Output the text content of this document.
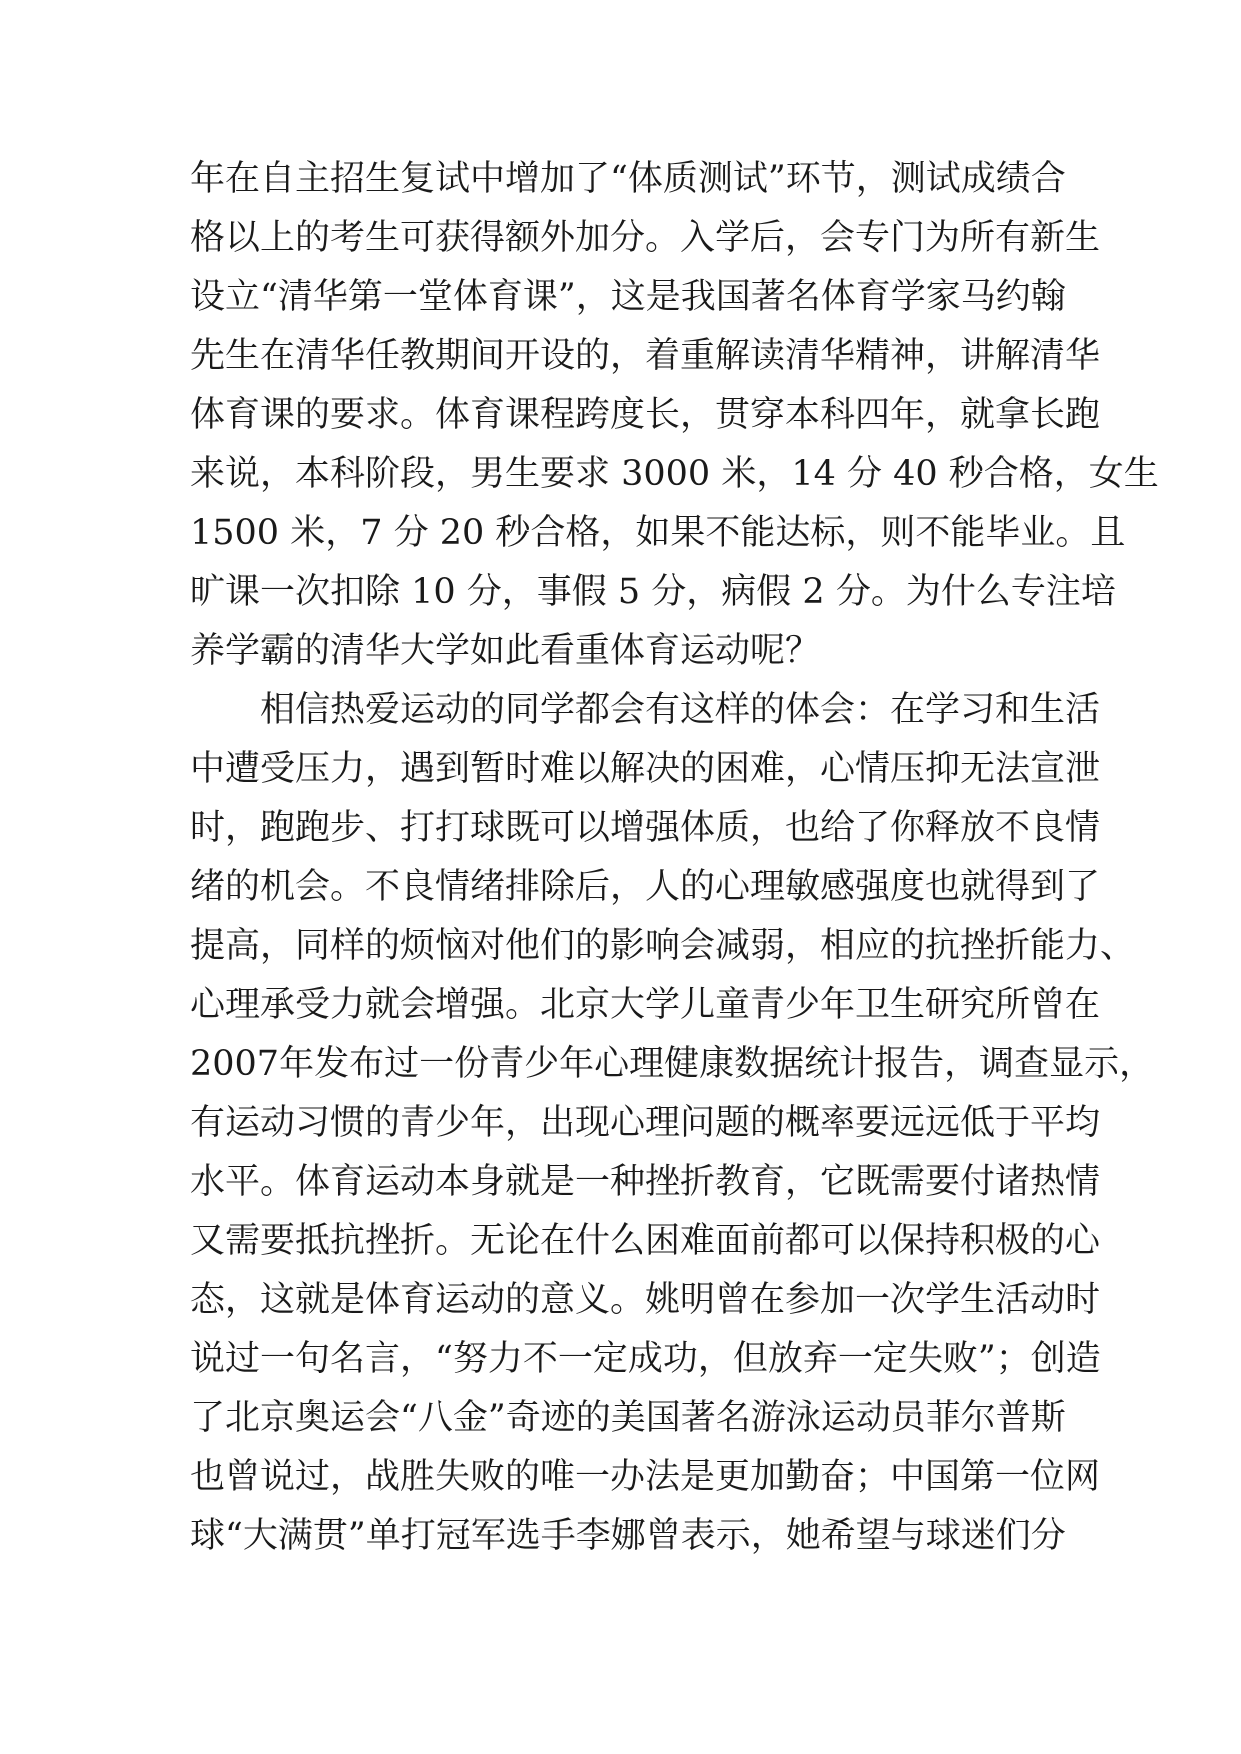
年在自主招生复试中增加了“体质测试”环节，测试成绩合
格以上的考生可获得额外加分。入学后，会专门为所有新生
设立“清华第一堂体育课”，这是我国著名体育学家马约翰
先生在清华任教期间开设的，着重解读清华精神，讲解清华
体育课的要求。体育课程跨度长，贯穿本科四年，就拿长跑
来说，本科阶段，男生要求 3000 米，14 分 40 秒合格，女生
1500 米，7 分 20 秒合格，如果不能达标，则不能毕业。且
旷课一次扣除 10 分，事假 5 分，病假 2 分。为什么专注培
养学霸的清华大学如此看重体育运动呢？
　　相信热爱运动的同学都会有这样的体会：在学习和生活
中遭受压力，遇到暂时难以解决的困难，心情压抑无法宣泄
时，跑跑步、打打球既可以增强体质，也给了你释放不良情
绪的机会。不良情绪排除后，人的心理敏感强度也就得到了
提高，同样的烦恼对他们的影响会减弱，相应的抗挫折能力、
心理承受力就会增强。北京大学儿童青少年卫生研究所曾在
2007年发布过一份青少年心理健康数据统计报告，调查显示，
有运动习惯的青少年，出现心理问题的概率要远远低于平均
水平。体育运动本身就是一种挫折教育，它既需要付诸热情
又需要抵抗挫折。无论在什么困难面前都可以保持积极的心
态，这就是体育运动的意义。姚明曾在参加一次学生活动时
说过一句名言，“努力不一定成功，但放弃一定失败”；创造
了北京奥运会“八金”奇迹的美国著名游泳运动员菲尔普斯
也曾说过，战胜失败的唯一办法是更加勤奋；中国第一位网
球“大满贯”单打冠军选手李娜曾表示，她希望与球迷们分
